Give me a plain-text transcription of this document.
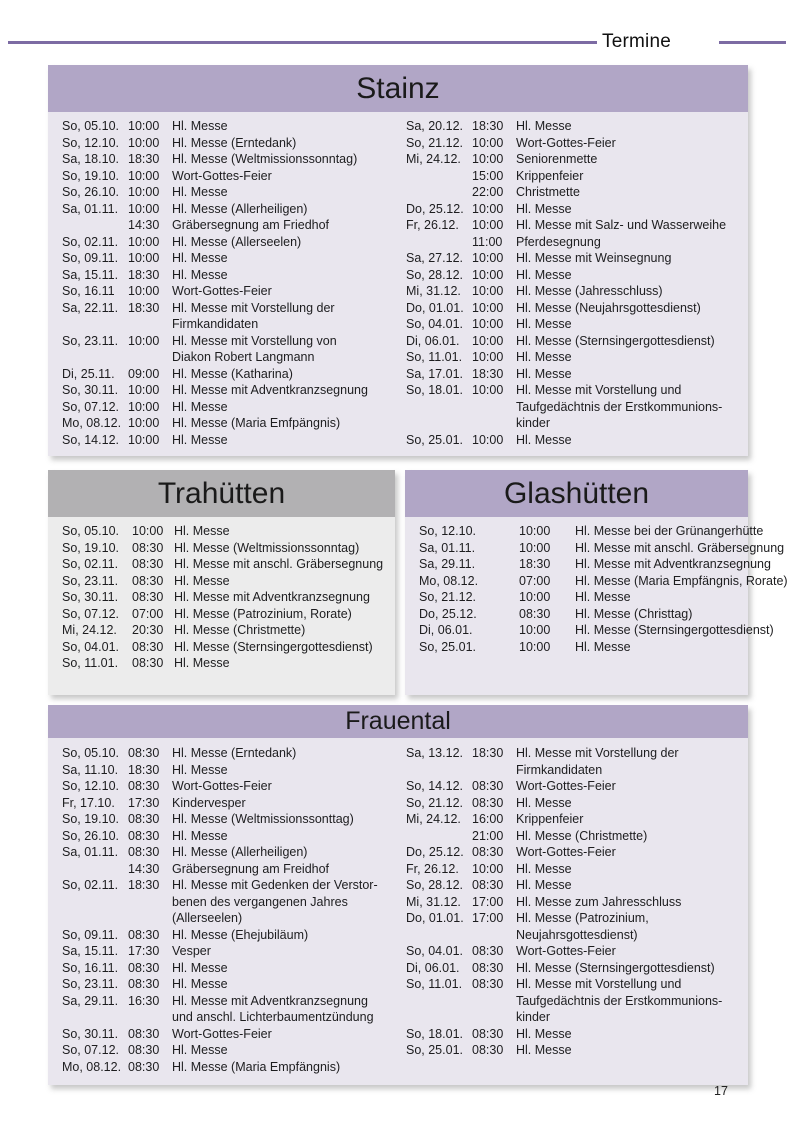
Termine
Stainz
So, 05.10. 10:00	Hl. Messe
So, 12.10. 10:00	Hl. Messe (Erntedank)
Sa, 18.10. 18:30	Hl. Messe (Weltmissionssonntag)
So, 19.10. 10:00	Wort-Gottes-Feier
So, 26.10. 10:00	Hl. Messe
Sa, 01.11. 10:00	Hl. Messe (Allerheiligen)
14:30	Gräbersegnung am Friedhof
So, 02.11. 10:00	Hl. Messe (Allerseelen)
So, 09.11. 10:00	Hl. Messe
Sa, 15.11. 18:30	Hl. Messe
So, 16.11	10:00	Wort-Gottes-Feier
Sa, 22.11. 18:30	Hl. Messe mit Vorstellung der
Firmkandidaten
So, 23.11. 10:00	Hl. Messe mit Vorstellung von
Diakon Robert Langmann
Di, 25.11.	09:00	Hl. Messe (Katharina)
So, 30.11. 10:00	Hl. Messe mit Adventkranzsegnung
So, 07.12. 10:00	Hl. Messe
Mo, 08.12. 10:00	Hl. Messe (Maria Emfpängnis)
So, 14.12. 10:00	Hl. Messe
Sa, 20.12. 18:30	Hl. Messe
So, 21.12. 10:00	Wort-Gottes-Feier
Mi, 24.12. 10:00	Seniorenmette
15:00	Krippenfeier
22:00	Christmette
Do, 25.12. 10:00	Hl. Messe
Fr, 26.12.	10:00	Hl. Messe mit Salz- und Wasserweihe
11:00	Pferdesegnung
Sa, 27.12. 10:00	Hl. Messe mit Weinsegnung
So, 28.12. 10:00	Hl. Messe
Mi, 31.12. 10:00	Hl. Messe (Jahresschluss)
Do, 01.01. 10:00	Hl. Messe (Neujahrsgottesdienst)
So, 04.01. 10:00	Hl. Messe
Di, 06.01. 10:00	Hl. Messe (Sternsingergottesdienst)
So, 11.01. 10:00	Hl. Messe
Sa, 17.01. 18:30	Hl. Messe
So, 18.01. 10:00	Hl. Messe mit Vorstellung und
Taufgedächtnis der Erstkommunions-
kinder
So, 25.01. 10:00	Hl. Messe
Trahütten
So, 05.10.	10:00 Hl. Messe
So, 19.10.	08:30 Hl. Messe (Weltmissionssonntag)
So, 02.11.	08:30 Hl. Messe mit anschl. Gräbersegnung
So, 23.11.	08:30 Hl. Messe
So, 30.11.	08:30 Hl. Messe mit Adventkranzsegnung
So, 07.12.	07:00 Hl. Messe (Patrozinium, Rorate)
Mi, 24.12.	20:30 Hl. Messe (Christmette)
So, 04.01.	08:30 Hl. Messe (Sternsingergottesdienst)
So, 11.01.	08:30 Hl. Messe
Glashütten
So, 12.10.	10:00	Hl. Messe bei der Grünangerhütte
Sa, 01.11.	10:00	Hl. Messe mit anschl. Gräbersegnung
Sa, 29.11.	18:30	Hl. Messe mit Adventkranzsegnung
Mo, 08.12.	07:00	Hl. Messe (Maria Empfängnis, Rorate)
So, 21.12.	10:00	Hl. Messe
Do, 25.12.	08:30	Hl. Messe (Christtag)
Di, 06.01.	10:00	Hl. Messe (Sternsingergottesdienst)
So, 25.01.	10:00	Hl. Messe
Frauental
So, 05.10. 08:30	Hl. Messe (Erntedank)
Sa, 11.10. 18:30	Hl. Messe
So, 12.10. 08:30	Wort-Gottes-Feier
Fr, 17.10.	17:30	Kindervesper
So, 19.10. 08:30	Hl. Messe (Weltmissionssonttag)
So, 26.10. 08:30	Hl. Messe
Sa, 01.11. 08:30	Hl. Messe (Allerheiligen)
14:30	Gräbersegnung am Freidhof
So, 02.11. 18:30	Hl. Messe mit Gedenken der Verstor-
benen des vergangenen Jahres
(Allerseelen)
So, 09.11. 08:30	Hl. Messe (Ehejubiläum)
Sa, 15.11. 17:30	Vesper
So, 16.11. 08:30	Hl. Messe
So, 23.11. 08:30	Hl. Messe
Sa, 29.11. 16:30	Hl. Messe mit Adventkranzsegnung
und anschl. Lichterbaumentzündung
So, 30.11. 08:30	Wort-Gottes-Feier
So, 07.12. 08:30	Hl. Messe
Mo, 08.12. 08:30	Hl. Messe (Maria Empfängnis)
Sa, 13.12. 18:30	Hl. Messe mit Vorstellung der
Firmkandidaten
So, 14.12. 08:30	Wort-Gottes-Feier
So, 21.12. 08:30	Hl. Messe
Mi, 24.12. 16:00	Krippenfeier
21:00	Hl. Messe (Christmette)
Do, 25.12. 08:30	Wort-Gottes-Feier
Fr, 26.12.	10:00	Hl. Messe
So, 28.12. 08:30	Hl. Messe
Mi, 31.12. 17:00	Hl. Messe zum Jahresschluss
Do, 01.01. 17:00	Hl. Messe (Patrozinium,
Neujahrsgottesdienst)
So, 04.01. 08:30	Wort-Gottes-Feier
Di, 06.01. 08:30	Hl. Messe (Sternsingergottesdienst)
So, 11.01. 08:30	Hl. Messe mit Vorstellung und
Taufgedächtnis der Erstkommunions-
kinder
So, 18.01. 08:30	Hl. Messe
So, 25.01. 08:30	Hl. Messe
17
